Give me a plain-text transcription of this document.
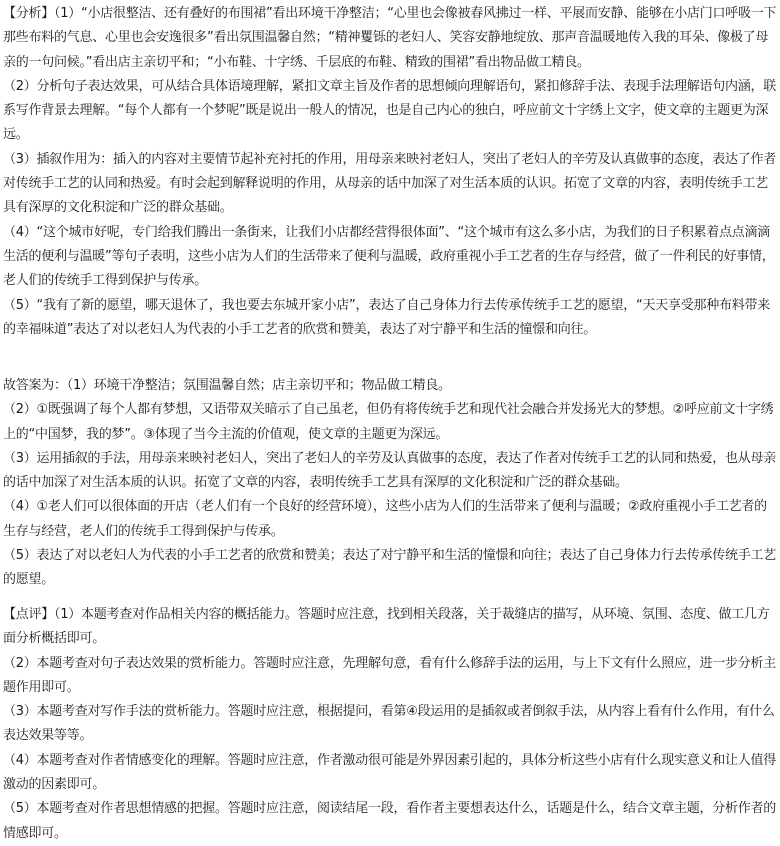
【分析】（1）“小店很整洁、还有叠好的布围裙”看出环境干净整洁；“心里也会像被春风拂过一样、平展而安静、能够在小店门口呼吸一下那些布料的气息、心里也会安逸很多”看出氛围温馨自然；“精神矍铄的老妇人、笑容安静地绽放、那声音温暖地传入我的耳朵、像极了母亲的一句问候。”看出店主亲切平和；“小布鞋、十字绣、千层底的布鞋、精致的围裙”看出物品做工精良。

（2）分析句子表达效果，可从结合具体语境理解，紧扣文章主旨及作者的思想倾向理解语句，紧扣修辞手法、表现手法理解语句内涵，联系写作背景去理解。“每个人都有一个梦呢”既是说出一般人的情况，也是自己内心的独白，呼应前文十字绣上文字，使文章的主题更为深远。

（3）插叙作用为：插入的内容对主要情节起补充衬托的作用，用母亲来映衬老妇人，突出了老妇人的辛劳及认真做事的态度，表达了作者对传统手工艺的认同和热爱。有时会起到解释说明的作用，从母亲的话中加深了对生活本质的认识。拓宽了文章的内容，表明传统手工艺具有深厚的文化积淀和广泛的群众基础。

（4）“这个城市好呢，专门给我们腾出一条街来，让我们小店都经营得很体面”、“这个城市有这么多小店，为我们的日子积累着点点滴滴生活的便利与温暖”等句子表明，这些小店为人们的生活带来了便利与温暖，政府重视小手工艺者的生存与经营，做了一件利民的好事情，老人们的传统手工得到保护与传承。

（5）“我有了新的愿望，哪天退休了，我也要去东城开家小店”，表达了自己身体力行去传承传统手工艺的愿望，“天天享受那种布料带来的幸福味道”表达了对以老妇人为代表的小手工艺者的欣赏和赞美，表达了对宁静平和生活的憧憬和向往。

故答案为：（1）环境干净整洁；氛围温馨自然；店主亲切平和；物品做工精良。

（2）①既强调了每个人都有梦想，又语带双关暗示了自己虽老，但仍有将传统手艺和现代社会融合并发扬光大的梦想。②呼应前文十字绣上的“中国梦，我的梦”。③体现了当今主流的价值观，使文章的主题更为深远。

（3）运用插叙的手法，用母亲来映衬老妇人，突出了老妇人的辛劳及认真做事的态度，表达了作者对传统手工艺的认同和热爱，也从母亲的话中加深了对生活本质的认识。拓宽了文章的内容，表明传统手工艺具有深厚的文化积淀和广泛的群众基础。

（4）①老人们可以很体面的开店（老人们有一个良好的经营环境），这些小店为人们的生活带来了便利与温暖；②政府重视小手工艺者的生存与经营，老人们的传统手工得到保护与传承。

（5）表达了对以老妇人为代表的小手工艺者的欣赏和赞美；表达了对宁静平和生活的憧憬和向往；表达了自己身体力行去传承传统手工艺的愿望。

【点评】（1）本题考查对作品相关内容的概括能力。答题时应注意，找到相关段落，关于裁缝店的描写，从环境、氛围、态度、做工几方面分析概括即可。

（2）本题考查对句子表达效果的赏析能力。答题时应注意，先理解句意，看有什么修辞手法的运用，与上下文有什么照应，进一步分析主题作用即可。

（3）本题考查对写作手法的赏析能力。答题时应注意，根据提问，看第④段运用的是插叙或者倒叙手法，从内容上看有什么作用，有什么表达效果等等。

（4）本题考查对作者情感变化的理解。答题时应注意，作者激动很可能是外界因素引起的，具体分析这些小店有什么现实意义和让人值得激动的因素即可。

（5）本题考查对作者思想情感的把握。答题时应注意，阅读结尾一段，看作者主要想表达什么，话题是什么，结合文章主题，分析作者的情感即可。
